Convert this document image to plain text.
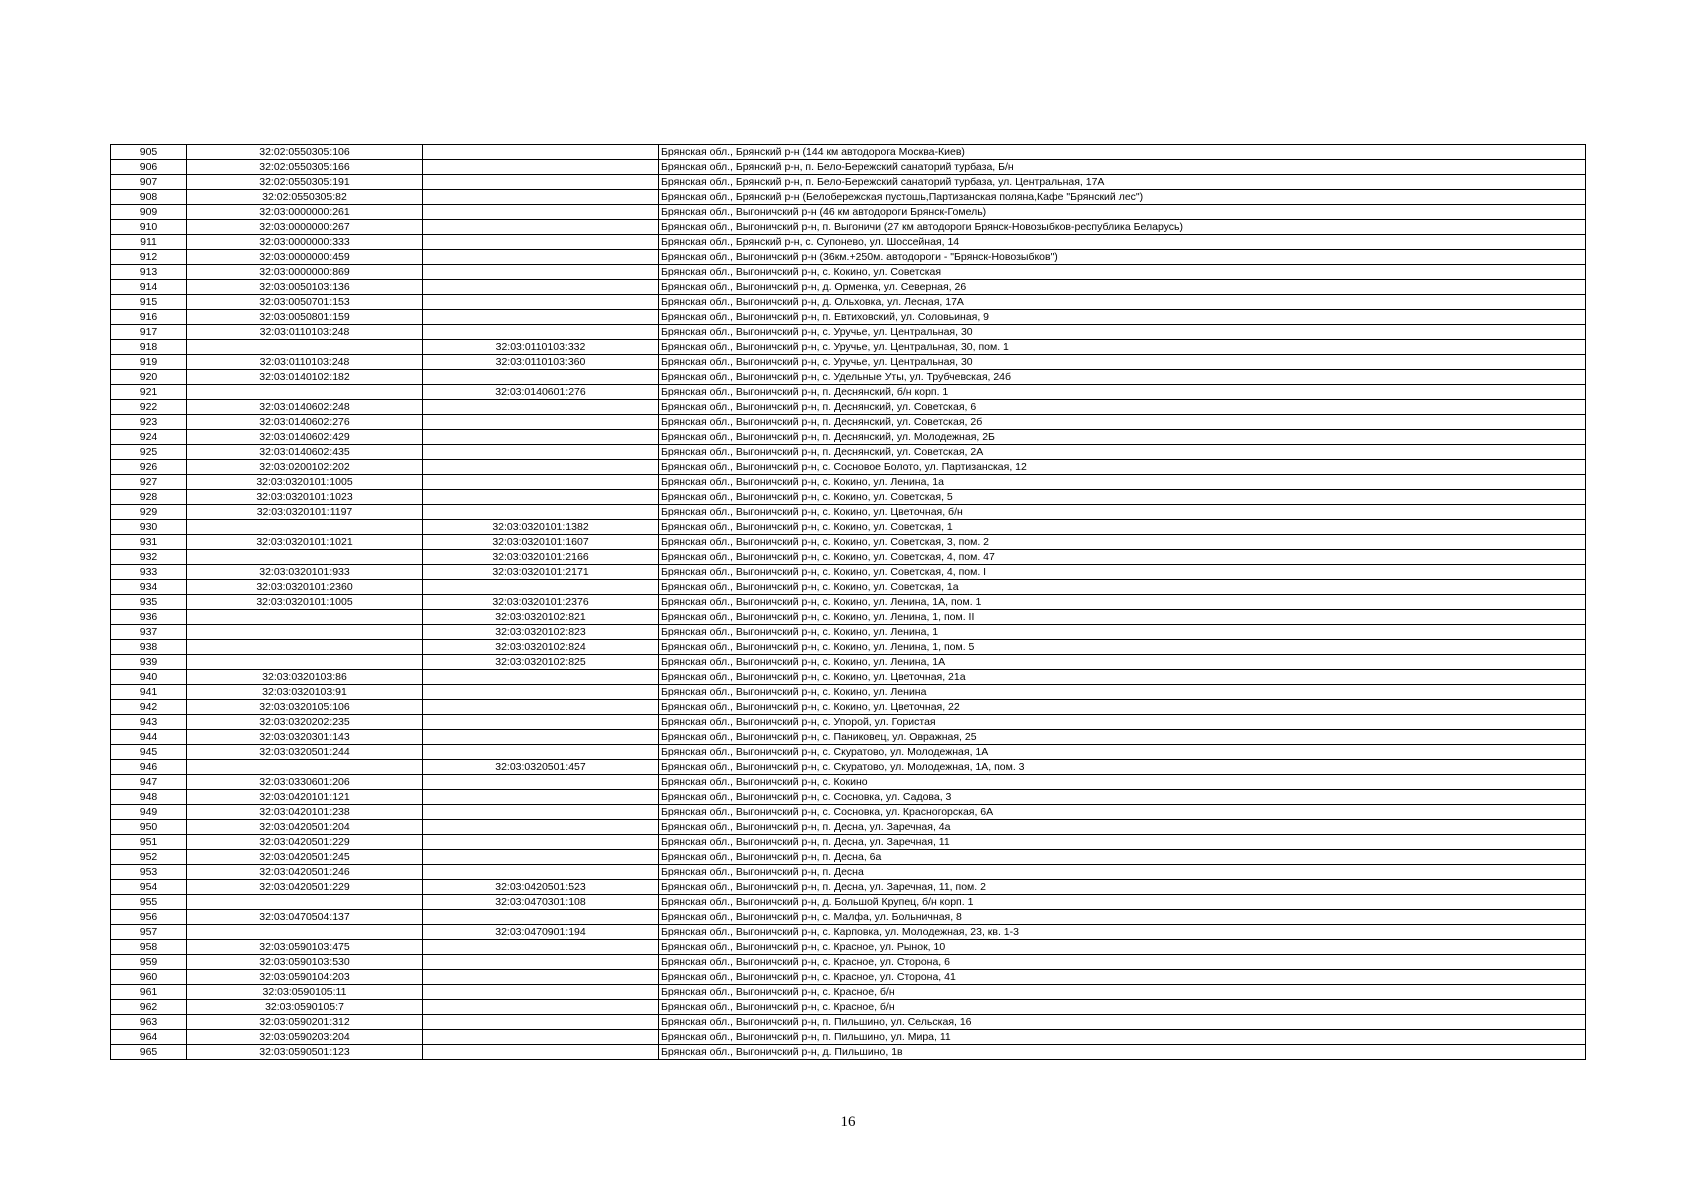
905	32:02:0550305:106		Брянская обл., Брянский р-н (144 км автодорога Москва-Киев)
906	32:02:0550305:166		Брянская обл., Брянский р-н, п. Бело-Бережский санаторий турбаза, Б/н
907	32:02:0550305:191		Брянская обл., Брянский р-н, п. Бело-Бережский санаторий турбаза, ул. Центральная, 17А
908	32:02:0550305:82		Брянская обл., Брянский р-н (Белобережская пустошь,Партизанская поляна,Кафе "Брянский лес")
909	32:03:0000000:261		Брянская обл., Выгоничский р-н (46 км автодороги Брянск-Гомель)
910	32:03:0000000:267		Брянская обл., Выгоничский р-н, п. Выгоничи (27 км автодороги Брянск-Новозыбков-республика Беларусь)
911	32:03:0000000:333		Брянская обл., Брянский р-н, с. Супонево, ул. Шоссейная, 14
912	32:03:0000000:459		Брянская обл., Выгоничский р-н (36км.+250м. автодороги - "Брянск-Новозыбков")
913	32:03:0000000:869		Брянская обл., Выгоничский р-н, с. Кокино, ул. Советская
914	32:03:0050103:136		Брянская обл., Выгоничский р-н, д. Орменка, ул. Северная, 26
915	32:03:0050701:153		Брянская обл., Выгоничский р-н, д. Ольховка, ул. Лесная, 17А
916	32:03:0050801:159		Брянская обл., Выгоничский р-н, п. Евтиховский, ул. Соловьиная, 9
917	32:03:0110103:248		Брянская обл., Выгоничский р-н, с. Уручье, ул. Центральная, 30
918		32:03:0110103:332	Брянская обл., Выгоничский р-н, с. Уручье, ул. Центральная, 30, пом. 1
919	32:03:0110103:248	32:03:0110103:360	Брянская обл., Выгоничский р-н, с. Уручье, ул. Центральная, 30
920	32:03:0140102:182		Брянская обл., Выгоничский р-н, с. Удельные Уты, ул. Трубчевская, 24б
921		32:03:0140601:276	Брянская обл., Выгоничский р-н, п. Деснянский, б/н корп. 1
922	32:03:0140602:248		Брянская обл., Выгоничский р-н, п. Деснянский, ул. Советская, 6
923	32:03:0140602:276		Брянская обл., Выгоничский р-н, п. Деснянский, ул. Советская, 2б
924	32:03:0140602:429		Брянская обл., Выгоничский р-н, п. Деснянский, ул. Молодежная, 2Б
925	32:03:0140602:435		Брянская обл., Выгоничский р-н, п. Деснянский, ул. Советская, 2А
926	32:03:0200102:202		Брянская обл., Выгоничский р-н, с. Сосновое Болото, ул. Партизанская, 12
927	32:03:0320101:1005		Брянская обл., Выгоничский р-н, с. Кокино, ул. Ленина, 1а
928	32:03:0320101:1023		Брянская обл., Выгоничский р-н, с. Кокино, ул. Советская, 5
929	32:03:0320101:1197		Брянская обл., Выгоничский р-н, с. Кокино, ул. Цветочная, б/н
930		32:03:0320101:1382	Брянская обл., Выгоничский р-н, с. Кокино, ул. Советская, 1
931	32:03:0320101:1021	32:03:0320101:1607	Брянская обл., Выгоничский р-н, с. Кокино, ул. Советская, 3, пом. 2
932		32:03:0320101:2166	Брянская обл., Выгоничский р-н, с. Кокино, ул. Советская, 4, пом. 47
933	32:03:0320101:933	32:03:0320101:2171	Брянская обл., Выгоничский р-н, с. Кокино, ул. Советская, 4, пом. I
934	32:03:0320101:2360		Брянская обл., Выгоничский р-н, с. Кокино, ул. Советская, 1а
935	32:03:0320101:1005	32:03:0320101:2376	Брянская обл., Выгоничский р-н, с. Кокино, ул. Ленина, 1А, пом. 1
936		32:03:0320102:821	Брянская обл., Выгоничский р-н, с. Кокино, ул. Ленина, 1, пом. II
937		32:03:0320102:823	Брянская обл., Выгоничский р-н, с. Кокино, ул. Ленина, 1
938		32:03:0320102:824	Брянская обл., Выгоничский р-н, с. Кокино, ул. Ленина, 1, пом. 5
939		32:03:0320102:825	Брянская обл., Выгоничский р-н, с. Кокино, ул. Ленина, 1А
940	32:03:0320103:86		Брянская обл., Выгоничский р-н, с. Кокино, ул. Цветочная, 21а
941	32:03:0320103:91		Брянская обл., Выгоничский р-н, с. Кокино, ул. Ленина
942	32:03:0320105:106		Брянская обл., Выгоничский р-н, с. Кокино, ул. Цветочная, 22
943	32:03:0320202:235		Брянская обл., Выгоничский р-н, с. Упорой, ул. Гористая
944	32:03:0320301:143		Брянская обл., Выгоничский р-н, с. Паниковец, ул. Овражная, 25
945	32:03:0320501:244		Брянская обл., Выгоничский р-н, с. Скуратово, ул. Молодежная, 1А
946		32:03:0320501:457	Брянская обл., Выгоничский р-н, с. Скуратово, ул. Молодежная, 1А, пом. 3
947	32:03:0330601:206		Брянская обл., Выгоничский р-н, с. Кокино
948	32:03:0420101:121		Брянская обл., Выгоничский р-н, с. Сосновка, ул. Садова, 3
949	32:03:0420101:238		Брянская обл., Выгоничский р-н, с. Сосновка, ул. Красногорская, 6А
950	32:03:0420501:204		Брянская обл., Выгоничский р-н, п. Десна, ул. Заречная, 4а
951	32:03:0420501:229		Брянская обл., Выгоничский р-н, п. Десна, ул. Заречная, 11
952	32:03:0420501:245		Брянская обл., Выгоничский р-н, п. Десна, 6а
953	32:03:0420501:246		Брянская обл., Выгоничский р-н, п. Десна
954	32:03:0420501:229	32:03:0420501:523	Брянская обл., Выгоничский р-н, п. Десна, ул. Заречная, 11, пом. 2
955		32:03:0470301:108	Брянская обл., Выгоничский р-н, д. Большой Крупец, б/н корп. 1
956	32:03:0470504:137		Брянская обл., Выгоничский р-н, с. Малфа, ул. Больничная, 8
957		32:03:0470901:194	Брянская обл., Выгоничский р-н, с. Карповка, ул. Молодежная, 23, кв. 1-3
958	32:03:0590103:475		Брянская обл., Выгоничский р-н, с. Красное, ул. Рынок, 10
959	32:03:0590103:530		Брянская обл., Выгоничский р-н, с. Красное, ул. Сторона, 6
960	32:03:0590104:203		Брянская обл., Выгоничский р-н, с. Красное, ул. Сторона, 41
961	32:03:0590105:11		Брянская обл., Выгоничский р-н, с. Красное, б/н
962	32:03:0590105:7		Брянская обл., Выгоничский р-н, с. Красное, б/н
963	32:03:0590201:312		Брянская обл., Выгоничский р-н, п. Пильшино, ул. Сельская, 16
964	32:03:0590203:204		Брянская обл., Выгоничский р-н, п. Пильшино, ул. Мира, 11
965	32:03:0590501:123		Брянская обл., Выгоничский р-н, д. Пильшино, 1в
16
